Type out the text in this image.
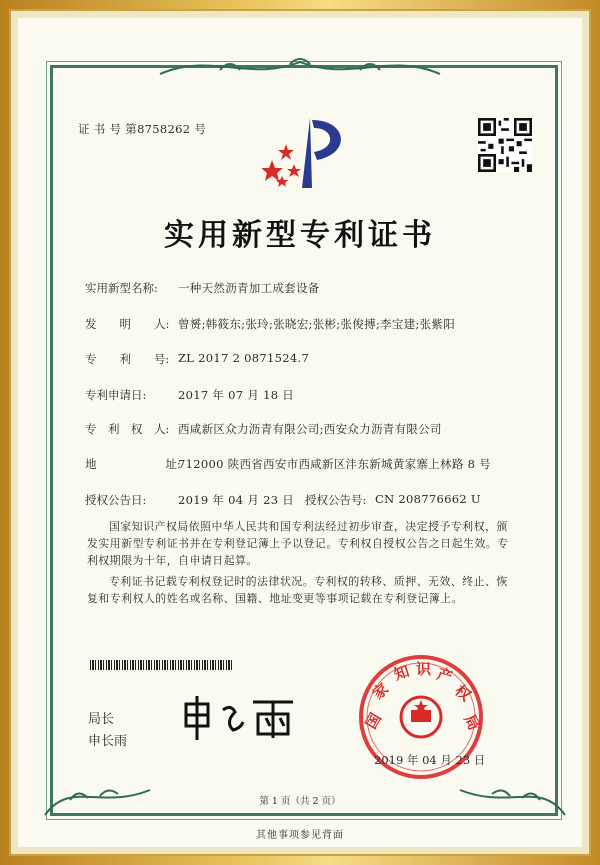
证 书 号 第8758262 号
实用新型专利证书
实用新型名称: 一种天然沥青加工成套设备
发　　明　　人: 曾赟;韩筱东;张玲;张晓宏;张彬;张俊搏;李宝建;张紫阳
专　　利　　号: ZL 2017 2 0871524.7
专利申请日:	2017 年 07 月 18 日
专　利　权　人: 西咸新区众力沥青有限公司;西安众力沥青有限公司
地　　　　　　址:
712000 陕西省西安市西咸新区沣东新城黄家寨上林路 8 号
授权公告日:	2019 年 04 月 23 日 授权公告号: CN 208776662 U
国家知识产权局依照中华人民共和国专利法经过初步审查，决定授予专利权，颁发实用新型专利证书并在专利登记簿上予以登记。专利权自授权公告之日起生效。专利权期限为十年，自申请日起算。
专利证书记载专利权登记时的法律状况。专利权的转移、质押、无效、终止、恢复和专利权人的姓名或名称、国籍、地址变更等事项记载在专利登记簿上。
局长
申长雨
国
家
知 识 产
权
局
2019 年 04 月 23 日
第 1 页（共 2 页）
其他事项参见背面
